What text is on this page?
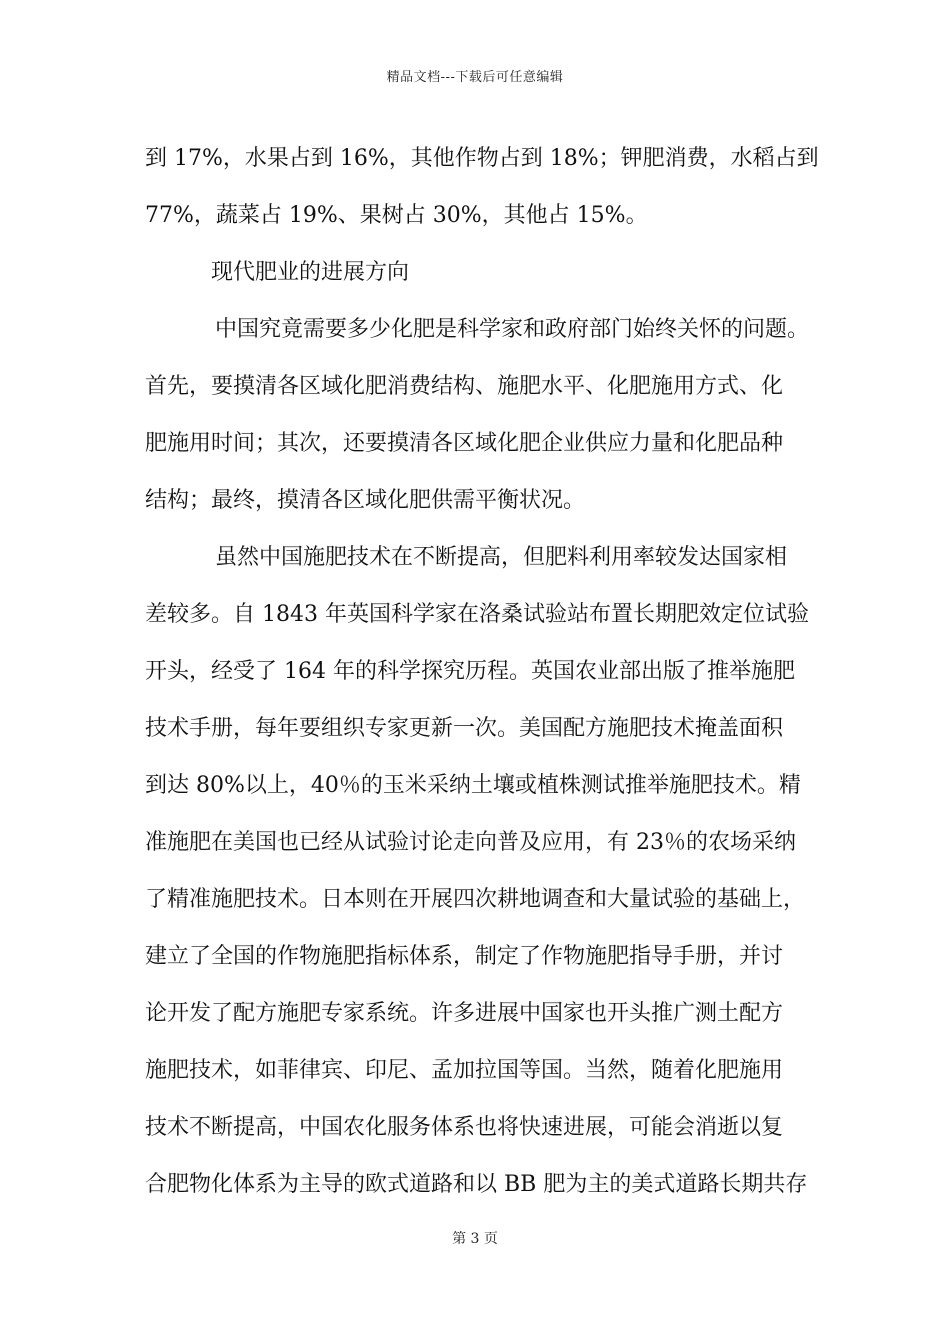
精品文档---下载后可任意编辑
到 17%，水果占到 16%，其他作物占到 18%；钾肥消费，水稻占到
77%，蔬菜占 19%、果树占 30%，其他占 15%。
现代肥业的进展方向
中国究竟需要多少化肥是科学家和政府部门始终关怀的问题。
首先，要摸清各区域化肥消费结构、施肥水平、化肥施用方式、化
肥施用时间；其次，还要摸清各区域化肥企业供应力量和化肥品种
结构；最终，摸清各区域化肥供需平衡状况。
虽然中国施肥技术在不断提高，但肥料利用率较发达国家相
差较多。自 1843 年英国科学家在洛桑试验站布置长期肥效定位试验
开头，经受了 164 年的科学探究历程。英国农业部出版了推举施肥
技术手册，每年要组织专家更新一次。美国配方施肥技术掩盖面积
到达 80%以上，40％的玉米采纳土壤或植株测试推举施肥技术。精
准施肥在美国也已经从试验讨论走向普及应用，有 23％的农场采纳
了精准施肥技术。日本则在开展四次耕地调查和大量试验的基础上，
建立了全国的作物施肥指标体系，制定了作物施肥指导手册，并讨
论开发了配方施肥专家系统。许多进展中国家也开头推广测土配方
施肥技术，如菲律宾、印尼、孟加拉国等国。当然，随着化肥施用
技术不断提高，中国农化服务体系也将快速进展，可能会消逝以复
合肥物化体系为主导的欧式道路和以 BB 肥为主的美式道路长期共存
第 3 页
